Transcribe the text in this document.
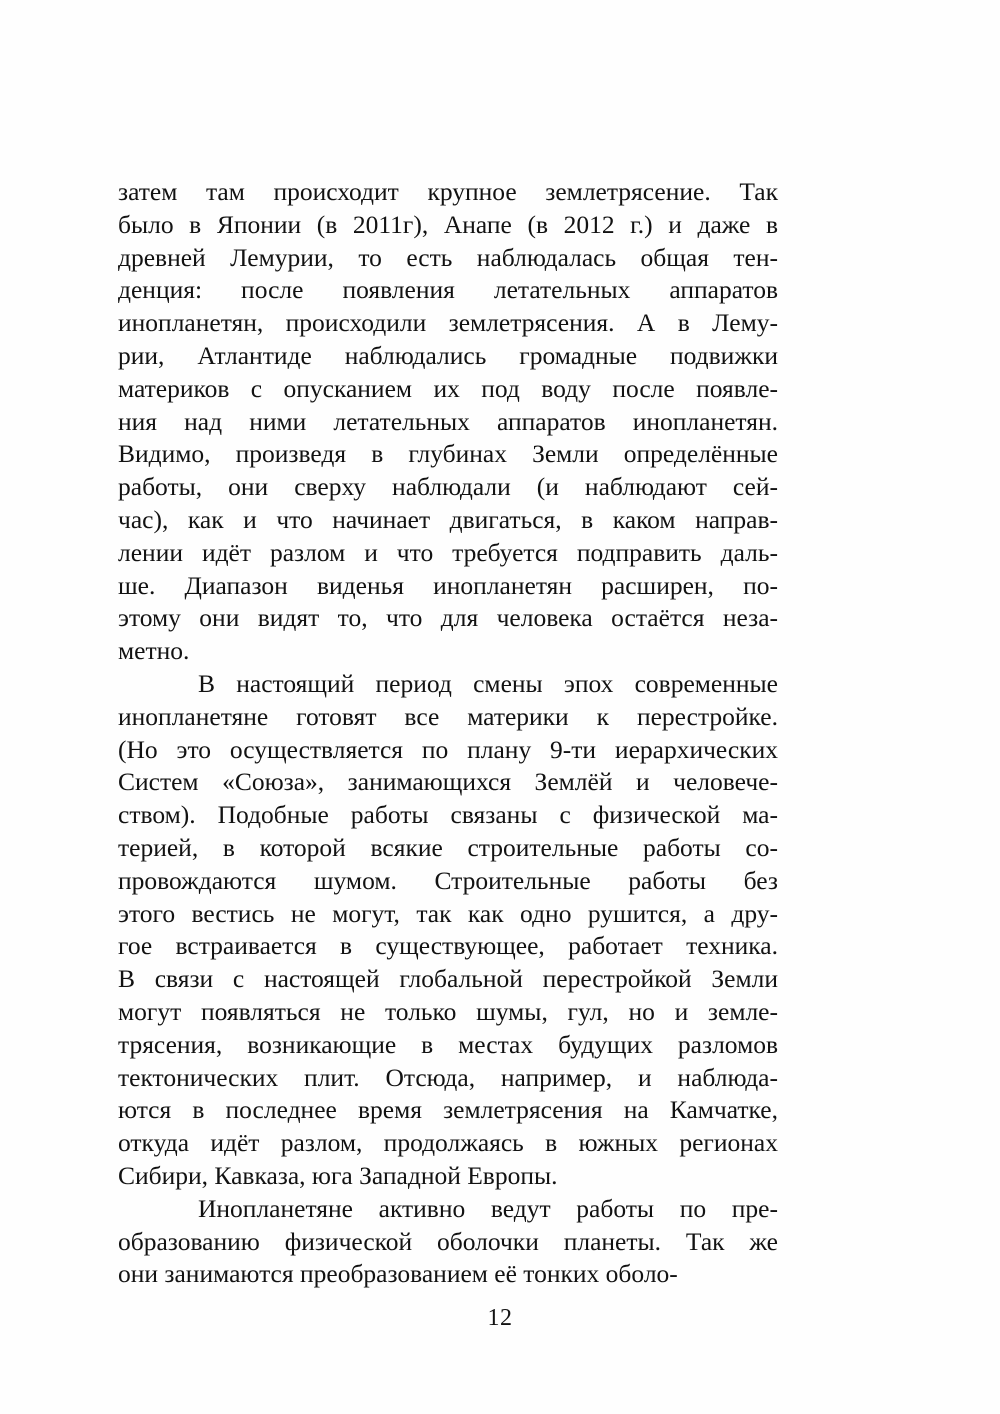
затем там происходит крупное землетрясение. Так
было в Японии (в 2011г), Анапе (в 2012 г.) и даже в
древней Лемурии, то есть наблюдалась общая тен-
денция: после появления летательных аппаратов
инопланетян, происходили землетрясения. А в Лему-
рии, Атлантиде наблюдались громадные подвижки
материков с опусканием их под воду после появле-
ния над ними летательных аппаратов инопланетян.
Видимо, произведя в глубинах Земли определённые
работы, они сверху наблюдали (и наблюдают сей-
час), как и что начинает двигаться, в каком направ-
лении идёт разлом и что требуется подправить даль-
ше. Диапазон виденья инопланетян расширен, по-
этому они видят то, что для человека остаётся неза-
метно.

В настоящий период смены эпох современные
инопланетяне готовят все материки к перестройке.
(Но это осуществляется по плану 9-ти иерархических
Систем «Союза», занимающихся Землёй и человече-
ством). Подобные работы связаны с физической ма-
терией, в которой всякие строительные работы со-
провождаются шумом. Строительные работы без
этого вестись не могут, так как одно рушится, а дру-
гое встраивается в существующее, работает техника.
В связи с настоящей глобальной перестройкой Земли
могут появляться не только шумы, гул, но и земле-
трясения, возникающие в местах будущих разломов
тектонических плит. Отсюда, например, и наблюда-
ются в последнее время землетрясения на Камчатке,
откуда идёт разлом, продолжаясь в южных регионах
Сибири, Кавказа, юга Западной Европы.

Инопланетяне активно ведут работы по пре-
образованию физической оболочки планеты. Так же
они занимаются преобразованием её тонких оболо-

12
